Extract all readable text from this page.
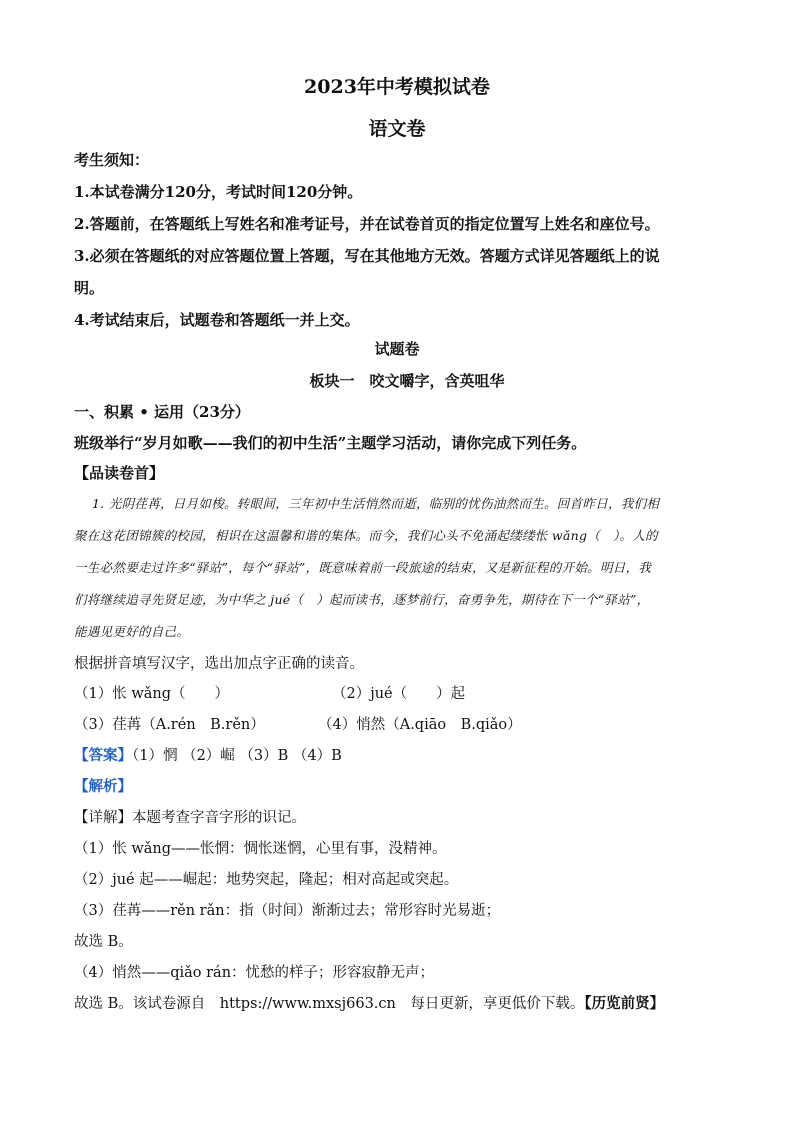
2023年中考模拟试卷
语文卷

考生须知：

1.本试卷满分120分，考试时间120分钟。

2.答题前，在答题纸上写姓名和准考证号，并在试卷首页的指定位置写上姓名和座位号。

3.必须在答题纸的对应答题位置上答题，写在其他地方无效。答题方式详见答题纸上的说

明。

4.考试结束后，试题卷和答题纸一并上交。

试题卷
板块一　咬文嚼字，含英咀华
一、积累 • 运用（23分）
班级举行“岁月如歌——我们的初中生活”主题学习活动，请你完成下列任务。
【品读卷首】
1. 光阴荏苒，日月如梭。转眼间，三年初中生活悄然而逝，临别的忧伤油然而生。回首昨日，我们相
聚在这花团锦簇的校园，相识在这温馨和谐的集体。而今，我们心头不免涌起缕缕怅 wǎng（　）。人的
一生必然要走过许多“驿站”，每个“驿站”，既意味着前一段旅途的结束，又是新征程的开始。明日，我
们将继续追寻先贤足迹，为中华之 jué（　）起而读书，逐梦前行，奋勇争先，期待在下一个“驿站”，
能遇见更好的自己。
根据拼音填写汉字，选出加点字正确的读音。
（1）怅 wǎng（　　）	（2）jué（　　）起
（3）荏苒（A.rén　B.rěn）	（4）悄然（A.qiāo　B.qiǎo）
【答案】（1）惘 （2）崛 （3）B （4）B
【解析】
【详解】本题考查字音字形的识记。
（1）怅 wǎng——怅惘：惆怅迷惘，心里有事，没精神。
（2）jué 起——崛起：地势突起，隆起；相对高起或突起。
（3）荏苒——rěn rǎn：指（时间）渐渐过去；常形容时光易逝；
故选 B。
（4）悄然——qiǎo rán：忧愁的样子；形容寂静无声；
故选 B。该试卷源自　https://www.mxsj663.cn　每日更新，享更低价下载。【历览前贤】
